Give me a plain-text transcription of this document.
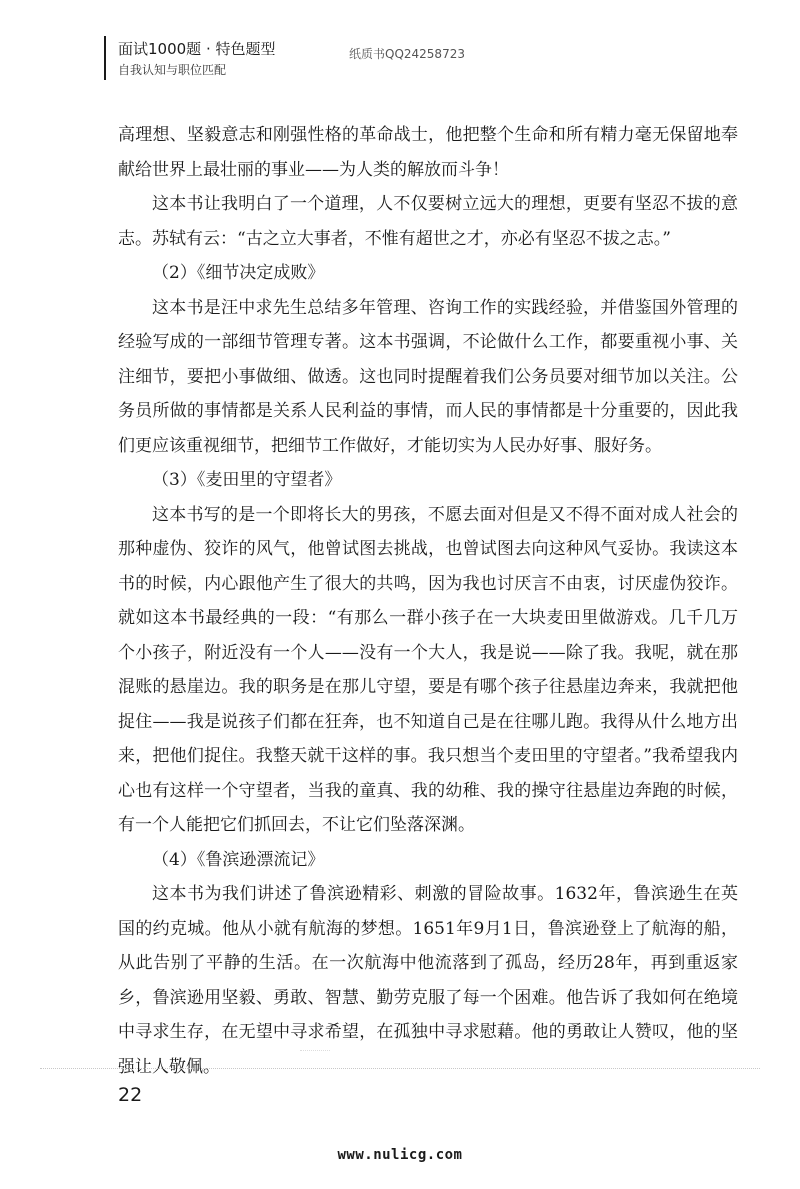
面试1000题 · 特色题型
自我认知与职位匹配
纸质书QQ24258723

高理想、坚毅意志和刚强性格的革命战士，他把整个生命和所有精力毫无保留地奉献给世界上最壮丽的事业——为人类的解放而斗争！

这本书让我明白了一个道理，人不仅要树立远大的理想，更要有坚忍不拔的意志。苏轼有云：“古之立大事者，不惟有超世之才，亦必有坚忍不拔之志。”

（2）《细节决定成败》

这本书是汪中求先生总结多年管理、咨询工作的实践经验，并借鉴国外管理的经验写成的一部细节管理专著。这本书强调，不论做什么工作，都要重视小事、关注细节，要把小事做细、做透。这也同时提醒着我们公务员要对细节加以关注。公务员所做的事情都是关系人民利益的事情，而人民的事情都是十分重要的，因此我们更应该重视细节，把细节工作做好，才能切实为人民办好事、服好务。

（3）《麦田里的守望者》

这本书写的是一个即将长大的男孩，不愿去面对但是又不得不面对成人社会的那种虚伪、狡诈的风气，他曾试图去挑战，也曾试图去向这种风气妥协。我读这本书的时候，内心跟他产生了很大的共鸣，因为我也讨厌言不由衷，讨厌虚伪狡诈。就如这本书最经典的一段：“有那么一群小孩子在一大块麦田里做游戏。几千几万个小孩子，附近没有一个人——没有一个大人，我是说——除了我。我呢，就在那混账的悬崖边。我的职务是在那儿守望，要是有哪个孩子往悬崖边奔来，我就把他捉住——我是说孩子们都在狂奔，也不知道自己是在往哪儿跑。我得从什么地方出来，把他们捉住。我整天就干这样的事。我只想当个麦田里的守望者。”我希望我内心也有这样一个守望者，当我的童真、我的幼稚、我的操守往悬崖边奔跑的时候，有一个人能把它们抓回去，不让它们坠落深渊。

（4）《鲁滨逊漂流记》

这本书为我们讲述了鲁滨逊精彩、刺激的冒险故事。1632年，鲁滨逊生在英国的约克城。他从小就有航海的梦想。1651年9月1日，鲁滨逊登上了航海的船，从此告别了平静的生活。在一次航海中他流落到了孤岛，经历28年，再到重返家乡，鲁滨逊用坚毅、勇敢、智慧、勤劳克服了每一个困难。他告诉了我如何在绝境中寻求生存，在无望中寻求希望，在孤独中寻求慰藉。他的勇敢让人赞叹，他的坚强让人敬佩。

22
www.nulicg.com
